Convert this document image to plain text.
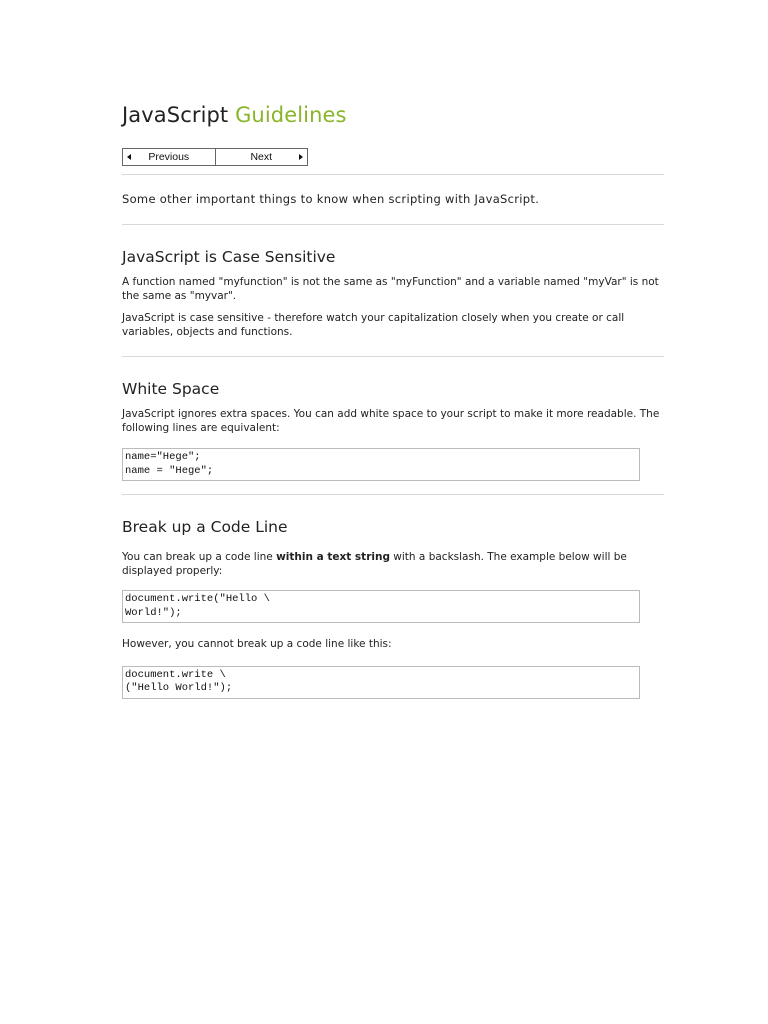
JavaScript Guidelines
Previous	Next

Some other important things to know when scripting with JavaScript.

JavaScript is Case Sensitive

A function named "myfunction" is not the same as "myFunction" and a variable named "myVar" is not the same as "myvar".

JavaScript is case sensitive - therefore watch your capitalization closely when you create or call variables, objects and functions.

White Space

JavaScript ignores extra spaces. You can add white space to your script to make it more readable. The following lines are equivalent:

name="Hege";
name = "Hege";
Break up a Code Line

You can break up a code line within a text string with a backslash. The example below will be displayed properly:

document.write("Hello \
World!");

However, you cannot break up a code line like this:

document.write \
("Hello World!");
